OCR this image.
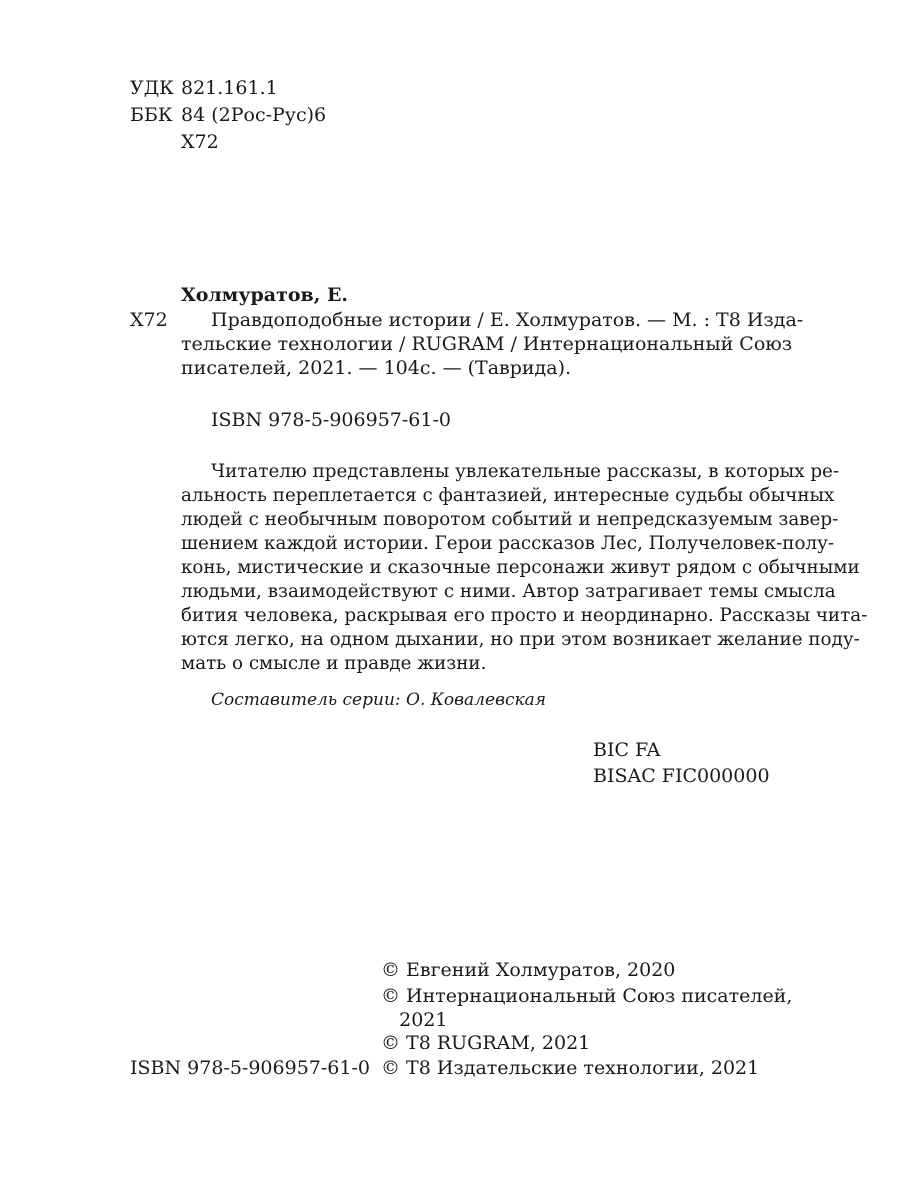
УДК 821.161.1
ББК 84 (2Рос-Рус)6
Х72
Холмуратов, Е.
Х72 Правдоподобные истории / Е. Холмуратов. — М. : Т8 Изда-
тельские технологии / RUGRAM / Интернациональный Союз
писателей, 2021. — 104с. — (Таврида).
ISBN 978-5-906957-61-0
Читателю представлены увлекательные рассказы, в которых ре-
альность переплетается с фантазией, интересные судьбы обычных
людей с необычным поворотом событий и непредсказуемым завер-
шением каждой истории. Герои рассказов Лес, Получеловек-полу-
конь, мистические и сказочные персонажи живут рядом с обычными
людьми, взаимодействуют с ними. Автор затрагивает темы смысла
бития человека, раскрывая его просто и неординарно. Рассказы чита-
ются легко, на одном дыхании, но при этом возникает желание поду-
мать о смысле и правде жизни.
Составитель серии: О. Ковалевская
BIC FA
BISAC FIC000000
© Евгений Холмуратов, 2020
© Интернациональный Союз писателей,
2021
© Т8 RUGRAM, 2021
© Т8 Издательские технологии, 2021
ISBN 978-5-906957-61-0
